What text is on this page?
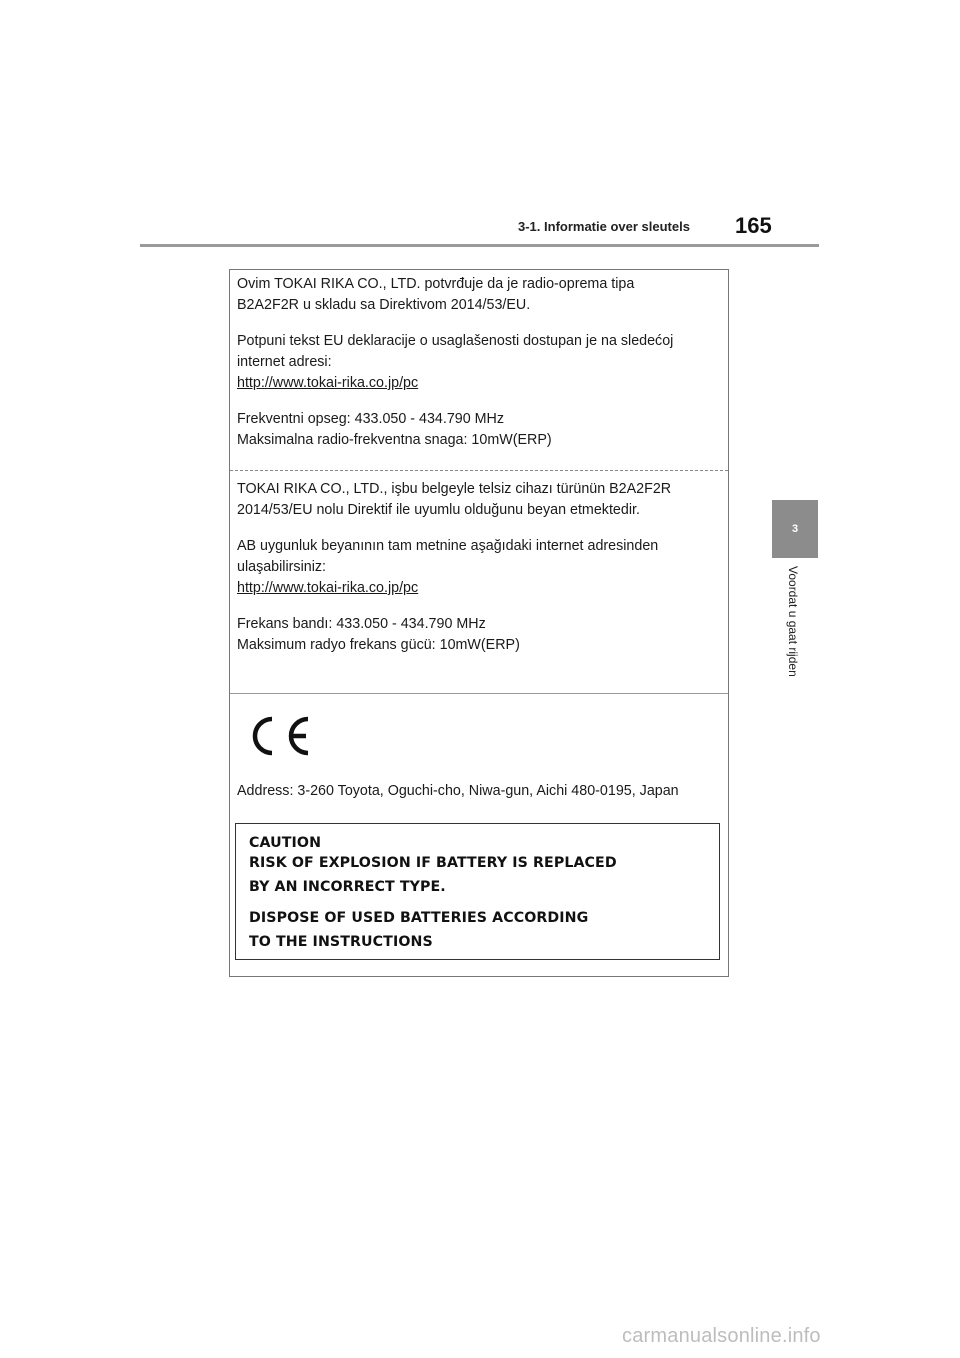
3-1. Informatie over sleutels 165
3
Voordat u gaat rijden

Ovim TOKAI RIKA CO., LTD. potvrđuje da je radio-oprema tipa

B2A2F2R u skladu sa Direktivom 2014/53/EU.

Potpuni tekst EU deklaracije o usaglašenosti dostupan je na sledećoj

internet adresi:

http://www.tokai-rika.co.jp/pc

Frekventni opseg: 433.050 - 434.790 MHz

Maksimalna radio-frekventna snaga: 10mW(ERP)

TOKAI RIKA CO., LTD., işbu belgeyle telsiz cihazı türünün B2A2F2R

2014/53/EU nolu Direktif ile uyumlu olduğunu beyan etmektedir.

AB uygunluk beyanının tam metnine aşağıdaki internet adresinden

ulaşabilirsiniz:

http://www.tokai-rika.co.jp/pc

Frekans bandı: 433.050 - 434.790 MHz

Maksimum radyo frekans gücü: 10mW(ERP)

Address: 3-260 Toyota, Oguchi-cho, Niwa-gun, Aichi 480-0195, Japan

CAUTION

RISK OF EXPLOSION IF BATTERY IS REPLACED

BY AN INCORRECT TYPE.

DISPOSE OF USED BATTERIES ACCORDING

TO THE INSTRUCTIONS

carmanualsonline.info
